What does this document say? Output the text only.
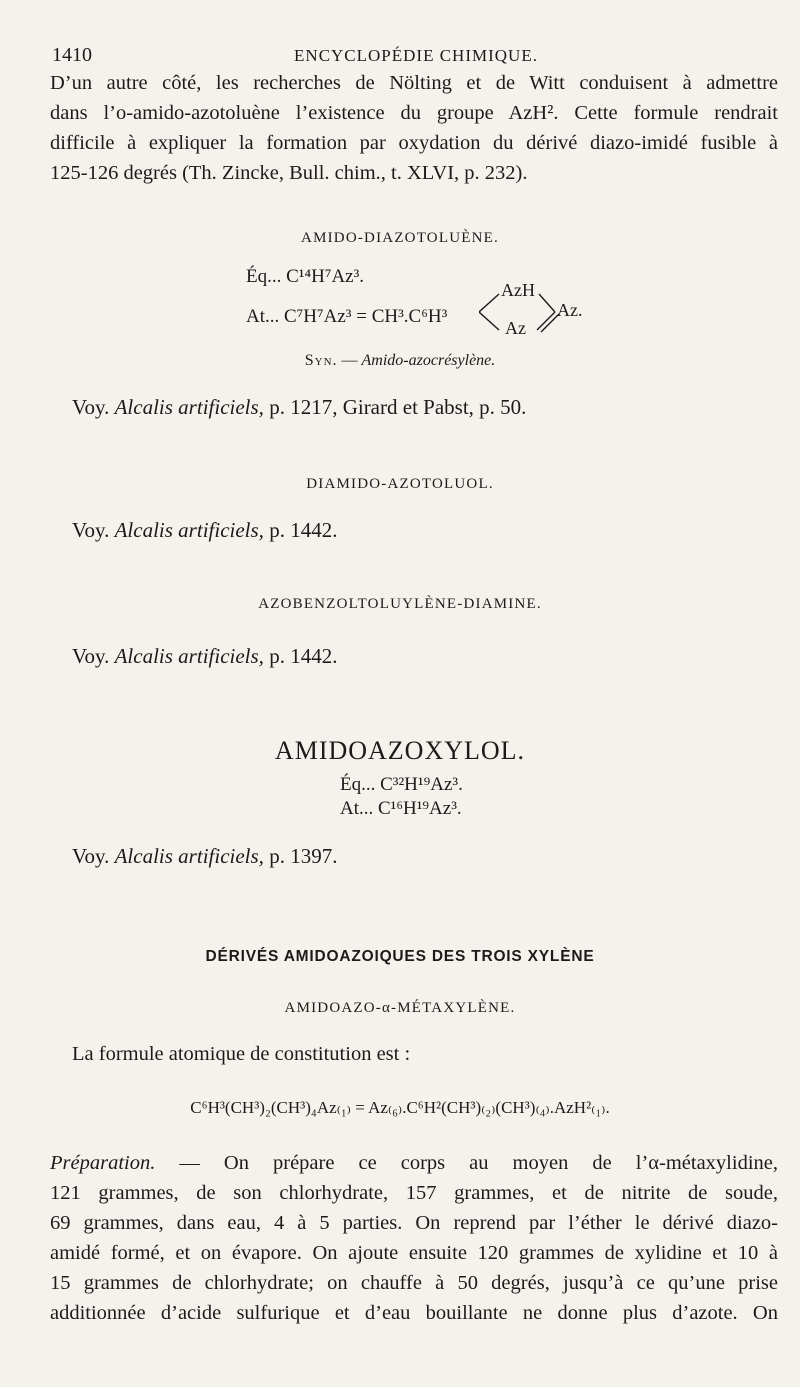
1410	ENCYCLOPÉDIE CHIMIQUE.
D’un autre côté, les recherches de Nölting et de Witt conduisent à admettre
dans l’o-amido-azotoluène l’existence du groupe AzH². Cette formule rendrait
difficile à expliquer la formation par oxydation du dérivé diazo-imidé fusible à
125-126 degrés (Th. Zincke, Bull. chim., t. XLVI, p. 232).
AMIDO-DIAZOTOLUÈNE.
Éq... C¹⁴H⁷Az³.
At... C⁷H⁷Az³ = CH³.C⁶H³
AzH
Az
Az.
Syn. — Amido-azocrésylène.
Voy. Alcalis artificiels, p. 1217, Girard et Pabst, p. 50.
DIAMIDO-AZOTOLUOL.
Voy. Alcalis artificiels, p. 1442.
AZOBENZOLTOLUYLÈNE-DIAMINE.
Voy. Alcalis artificiels, p. 1442.
AMIDOAZOXYLOL.
Éq... C³²H¹⁹Az³.
At... C¹⁶H¹⁹Az³.
Voy. Alcalis artificiels, p. 1397.
DÉRIVÉS AMIDOAZOIQUES DES TROIS XYLÈNE
AMIDOAZO-α-MÉTAXYLÈNE.
La formule atomique de constitution est :
C⁶H³(CH³)₂(CH³)₄Az₍₁₎ = Az₍₆₎.C⁶H²(CH³)₍₂₎(CH³)₍₄₎.AzH²₍₁₎.
Préparation. — On prépare ce corps au moyen de l’α-métaxylidine,
121 grammes, de son chlorhydrate, 157 grammes, et de nitrite de soude,
69 grammes, dans eau, 4 à 5 parties. On reprend par l’éther le dérivé diazo-
amidé formé, et on évapore. On ajoute ensuite 120 grammes de xylidine et 10 à
15 grammes de chlorhydrate; on chauffe à 50 degrés, jusqu’à ce qu’une prise
additionnée d’acide sulfurique et d’eau bouillante ne donne plus d’azote. On
